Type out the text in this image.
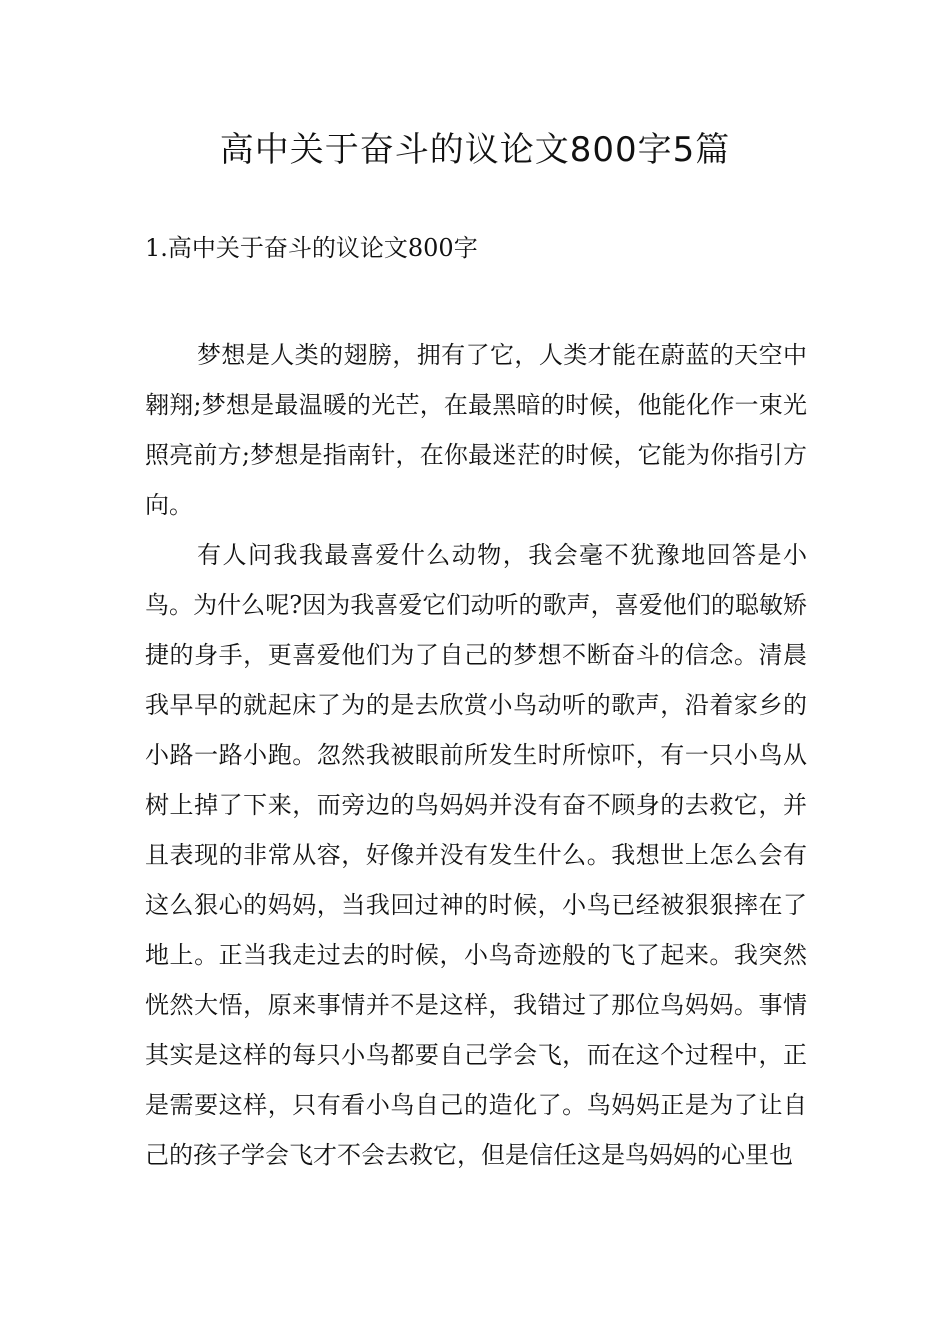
高中关于奋斗的议论文800字5篇
1.高中关于奋斗的议论文800字

梦想是人类的翅膀，拥有了它，人类才能在蔚蓝的天空中翱翔;梦想是最温暖的光芒，在最黑暗的时候，他能化作一束光照亮前方;梦想是指南针，在你最迷茫的时候，它能为你指引方向。

有人问我我最喜爱什么动物，我会毫不犹豫地回答是小鸟。为什么呢?因为我喜爱它们动听的歌声，喜爱他们的聪敏矫捷的身手，更喜爱他们为了自己的梦想不断奋斗的信念。清晨我早早的就起床了为的是去欣赏小鸟动听的歌声，沿着家乡的小路一路小跑。忽然我被眼前所发生时所惊吓，有一只小鸟从树上掉了下来，而旁边的鸟妈妈并没有奋不顾身的去救它，并且表现的非常从容，好像并没有发生什么。我想世上怎么会有这么狠心的妈妈，当我回过神的时候，小鸟已经被狠狠摔在了地上。正当我走过去的时候，小鸟奇迹般的飞了起来。我突然恍然大悟，原来事情并不是这样，我错过了那位鸟妈妈。事情其实是这样的每只小鸟都要自己学会飞，而在这个过程中，正是需要这样，只有看小鸟自己的造化了。鸟妈妈正是为了让自己的孩子学会飞才不会去救它，但是信任这是鸟妈妈的心里也
